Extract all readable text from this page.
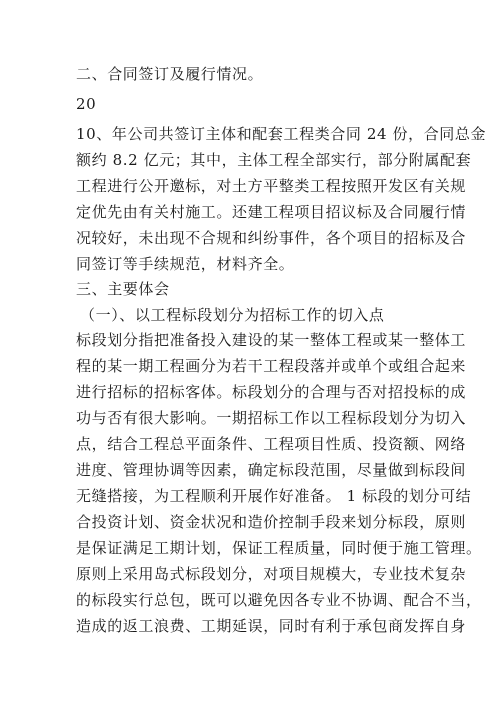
二、合同签订及履行情况。
20
10、年公司共签订主体和配套工程类合同 24 份，合同总金
额约 8.2 亿元；其中，主体工程全部实行，部分附属配套
工程进行公开邀标，对土方平整类工程按照开发区有关规
定优先由有关村施工。还建工程项目招议标及合同履行情
况较好，未出现不合规和纠纷事件，各个项目的招标及合
同签订等手续规范，材料齐全。
三、主要体会
（一）、以工程标段划分为招标工作的切入点
标段划分指把准备投入建设的某一整体工程或某一整体工
程的某一期工程画分为若干工程段落并或单个或组合起来
进行招标的招标客体。标段划分的合理与否对招投标的成
功与否有很大影响。一期招标工作以工程标段划分为切入
点，结合工程总平面条件、工程项目性质、投资额、网络
进度、管理协调等因素，确定标段范围，尽量做到标段间
无缝搭接，为工程顺利开展作好准备。 1 标段的划分可结
合投资计划、资金状况和造价控制手段来划分标段，原则
是保证满足工期计划，保证工程质量，同时便于施工管理。
原则上采用岛式标段划分，对项目规模大，专业技术复杂
的标段实行总包，既可以避免因各专业不协调、配合不当，
造成的返工浪费、工期延误，同时有利于承包商发挥自身
